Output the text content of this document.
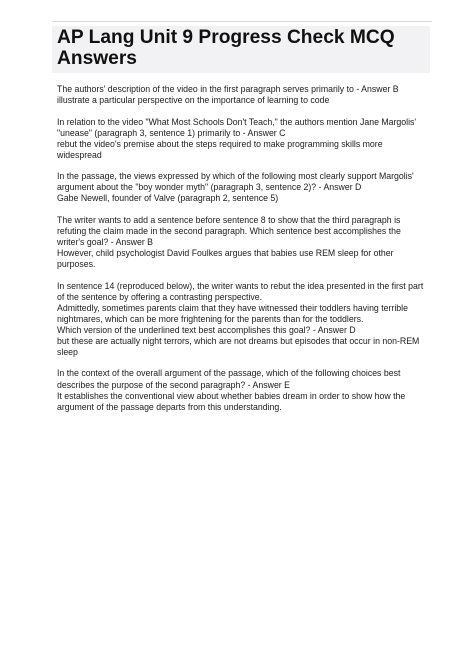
AP Lang Unit 9 Progress Check MCQ Answers

The authors' description of the video in the first paragraph serves primarily to - Answer B

illustrate a particular perspective on the importance of learning to code

In relation to the video "What Most Schools Don't Teach," the authors mention Jane Margolis' "unease" (paragraph 3, sentence 1) primarily to - Answer C

rebut the video's premise about the steps required to make programming skills more widespread

In the passage, the views expressed by which of the following most clearly support Margolis' argument about the "boy wonder myth" (paragraph 3, sentence 2)? - Answer D

Gabe Newell, founder of Valve (paragraph 2, sentence 5)

The writer wants to add a sentence before sentence 8 to show that the third paragraph is refuting the claim made in the second paragraph. Which sentence best accomplishes the writer's goal? - Answer B

However, child psychologist David Foulkes argues that babies use REM sleep for other purposes.

In sentence 14 (reproduced below), the writer wants to rebut the idea presented in the first part of the sentence by offering a contrasting perspective.
Admittedly, sometimes parents claim that they have witnessed their toddlers having terrible nightmares, which can be more frightening for the parents than for the toddlers.
Which version of the underlined text best accomplishes this goal? - Answer D

but these are actually night terrors, which are not dreams but episodes that occur in non-REM sleep

In the context of the overall argument of the passage, which of the following choices best describes the purpose of the second paragraph? - Answer E

It establishes the conventional view about whether babies dream in order to show how the argument of the passage departs from this understanding.
